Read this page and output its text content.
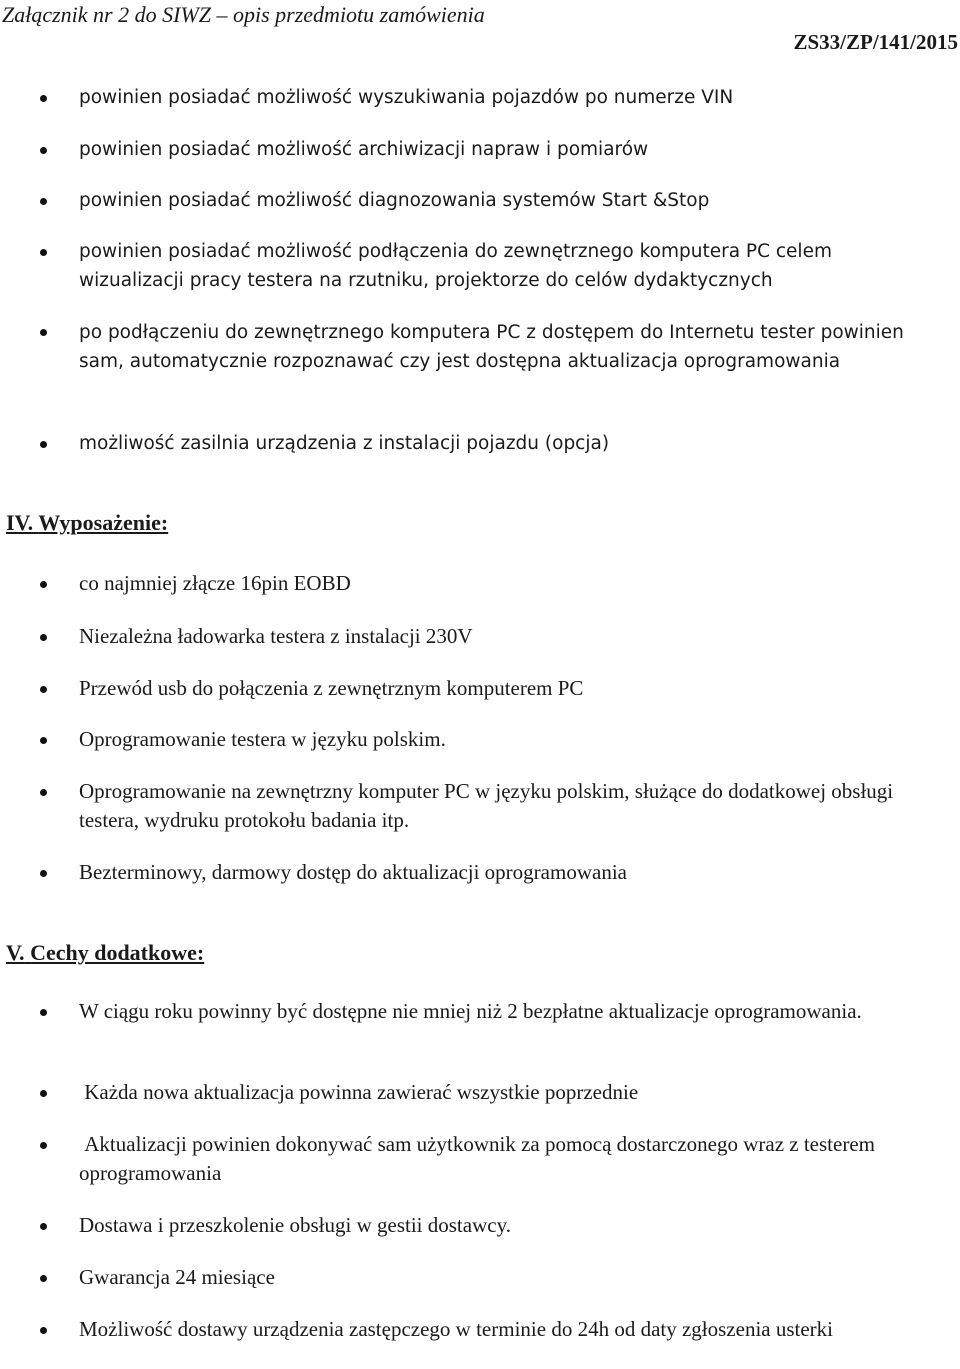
Załącznik nr 2 do SIWZ – opis przedmiotu zamówienia
ZS33/ZP/141/2015
powinien posiadać możliwość wyszukiwania pojazdów po numerze VIN
powinien posiadać możliwość archiwizacji napraw i pomiarów
powinien posiadać możliwość diagnozowania systemów Start &Stop
powinien posiadać możliwość podłączenia do zewnętrznego komputera PC celem wizualizacji pracy testera na rzutniku, projektorze do celów dydaktycznych
po podłączeniu do zewnętrznego komputera PC z dostępem do Internetu tester powinien sam, automatycznie rozpoznawać czy jest dostępna aktualizacja oprogramowania
możliwość zasilnia urządzenia z instalacji pojazdu (opcja)
IV. Wyposażenie:
co najmniej złącze 16pin EOBD
Niezależna ładowarka testera z instalacji 230V
Przewód usb do połączenia z zewnętrznym komputerem PC
Oprogramowanie testera w języku polskim.
Oprogramowanie na zewnętrzny komputer PC w języku polskim, służące do dodatkowej obsługi testera, wydruku protokołu badania itp.
Bezterminowy, darmowy dostęp do aktualizacji oprogramowania
V. Cechy dodatkowe:
W ciągu roku powinny być dostępne nie mniej niż 2 bezpłatne aktualizacje oprogramowania.
Każda nowa aktualizacja powinna zawierać wszystkie poprzednie
Aktualizacji powinien dokonywać sam użytkownik za pomocą dostarczonego wraz z testerem oprogramowania
Dostawa i przeszkolenie obsługi w gestii dostawcy.
Gwarancja 24 miesiące
Możliwość dostawy urządzenia zastępczego w terminie do 24h od daty zgłoszenia usterki
